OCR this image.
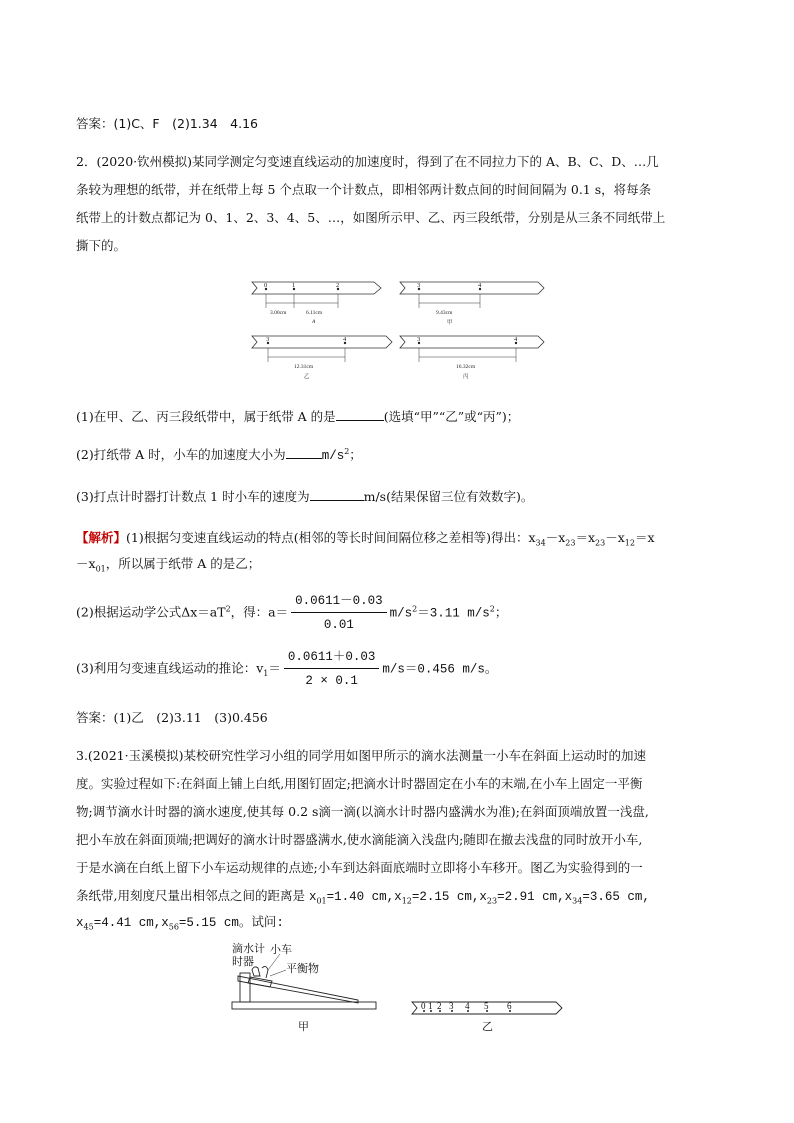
答案：(1)C、F　(2)1.34　4.16
2．(2020·钦州模拟)某同学测定匀变速直线运动的加速度时，得到了在不同拉力下的 A、B、C、D、…几
条较为理想的纸带，并在纸带上每 5 个点取一个计数点，即相邻两计数点间的时间间隔为 0.1 s，将每条
纸带上的计数点都记为 0、1、2、3、4、5、…，如图所示甲、乙、丙三段纸带，分别是从三条不同纸带上
撕下的。
0	1	2	3	4
3	4	3	4
3.00cm	6.11cm
A
9.43cm
甲
12.31cm
乙
16.32cm
丙
(1)在甲、乙、丙三段纸带中，属于纸带 A 的是	(选填“甲”“乙”或“丙”)；
(2)打纸带 A 时，小车的加速度大小为	$m/s^2$；
(3)打点计时器打计数点 1 时小车的速度为	m/s(结果保留三位有效数字)。
【解析】(1)根据匀变速直线运动的特点(相邻的等长时间间隔位移之差相等)得出：$x_{34}-x_{23}=x_{23}-x_{12}=x$
$-x_{01}$，所以属于纸带 A 的是乙；
(2)根据运动学公式$\Delta x=aT^2$，得：$a= \frac{0.0611-0.03}{0.01} m/s^2=3.11$ $m/s^2$；
(3)利用匀变速直线运动的推论：$v_1= \frac{0.0611+0.03}{2 \times 0.1} m/s=0.456$ m/s。
答案：(1)乙　(2)3.11　(3)0.456
3.(2021·玉溪模拟)某校研究性学习小组的同学用如图甲所示的滴水法测量一小车在斜面上运动时的加速
度。实验过程如下:在斜面上铺上白纸,用图钉固定;把滴水计时器固定在小车的末端,在小车上固定一平衡
物;调节滴水计时器的滴水速度,使其每 0.2 s滴一滴(以滴水计时器内盛满水为准);在斜面顶端放置一浅盘,
把小车放在斜面顶端;把调好的滴水计时器盛满水,使水滴能滴入浅盘内;随即在撤去浅盘的同时放开小车,
于是水滴在白纸上留下小车运动规律的点迹;小车到达斜面底端时立即将小车移开。图乙为实验得到的一
条纸带,用刻度尺量出相邻点之间的距离是 $x_{01}=1.40$ $cm,x_{12}=2.15$ $cm,x_{23}=2.91$ $cm,x_{34}=3.65$ cm,
$x_{45}=4.41$ $cm,x_{56}=5.15$ cm。试问:
滴水计
时器
小车
平衡物
甲	乙
0 1 2 3 4 5 6
